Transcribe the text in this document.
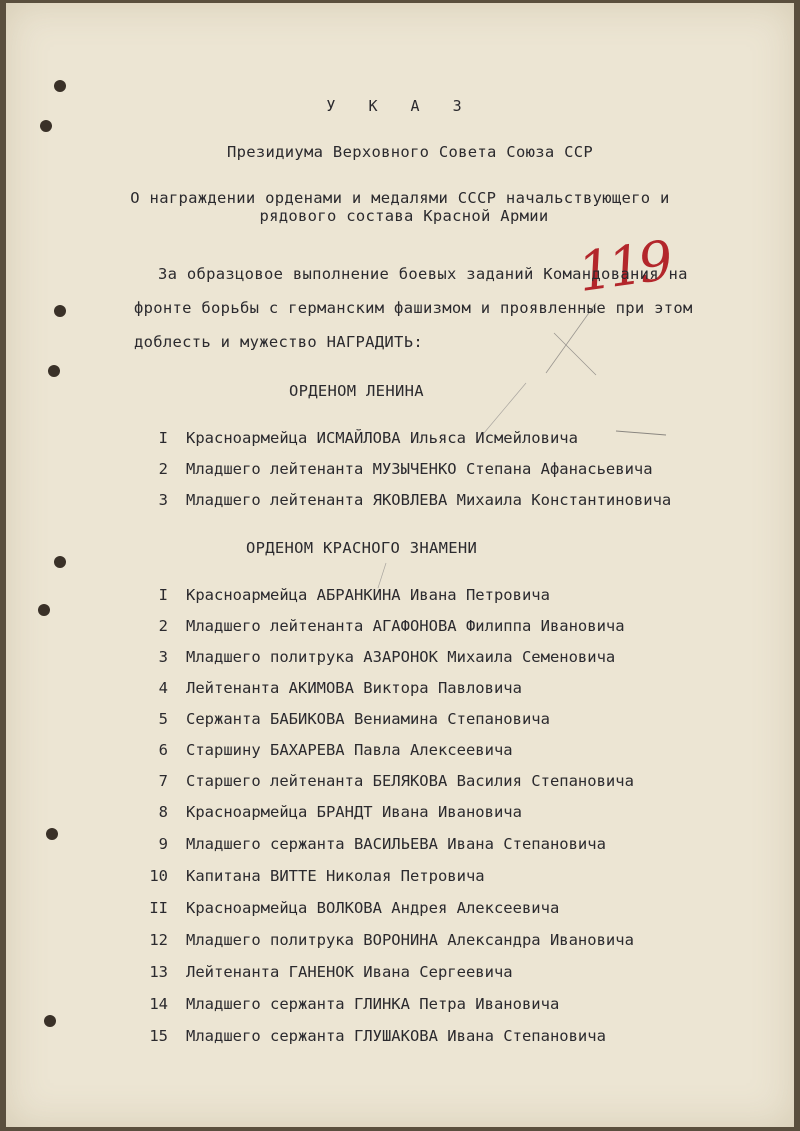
У К А З
Президиума Верховного Совета Союза ССР
О награждении орденами и медалями СССР начальствующего и
рядового состава Красной Армии
119
За образцовое выполнение боевых заданий Командования на
фронте борьбы с германским фашизмом и проявленные при этом
доблесть и мужество НАГРАДИТЬ:
ОРДЕНОМ ЛЕНИНА
I Красноармейца ИСМАЙЛОВА Ильяса Исмейловича
2 Младшего лейтенанта МУЗЫЧЕНКО Степана Афанасьевича
3 Младшего лейтенанта ЯКОВЛЕВА Михаила Константиновича
ОРДЕНОМ КРАСНОГО ЗНАМЕНИ
I Красноармейца АБРАНКИНА Ивана Петровича
2 Младшего лейтенанта АГАФОНОВА Филиппа Ивановича
3 Младшего политрука АЗАРОНОК Михаила Семеновича
4 Лейтенанта АКИМОВА Виктора Павловича
5 Сержанта БАБИКОВА Вениамина Степановича
6 Старшину БАХАРЕВА Павла Алексеевича
7 Старшего лейтенанта БЕЛЯКОВА Василия Степановича
8 Красноармейца БРАНДТ Ивана Ивановича
9 Младшего сержанта ВАСИЛЬЕВА Ивана Степановича
10 Капитана ВИТТЕ Николая Петровича
II Красноармейца ВОЛКОВА Андрея Алексеевича
12 Младшего политрука ВОРОНИНА Александра Ивановича
13 Лейтенанта ГАНЕНОК Ивана Сергеевича
14 Младшего сержанта ГЛИНКА Петра Ивановича
15 Младшего сержанта ГЛУШАКОВА Ивана Степановича
